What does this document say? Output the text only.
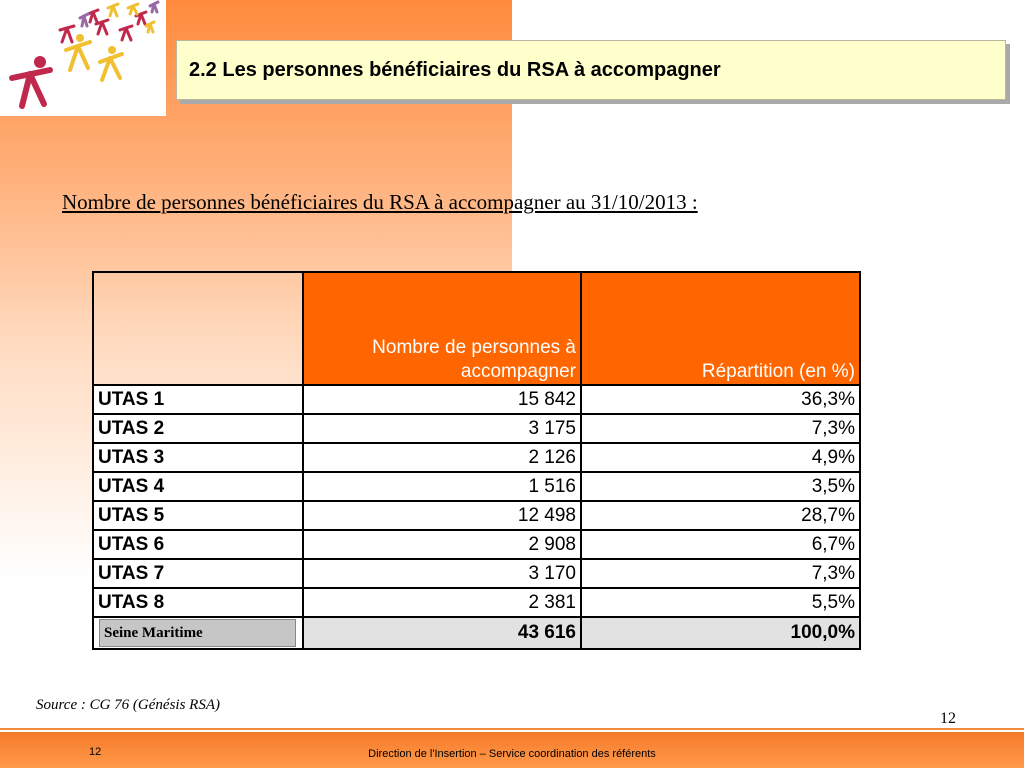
2.2 Les personnes bénéficiaires du RSA à accompagner
Nombre de personnes bénéficiaires du RSA à accompagner au 31/10/2013 :
	Nombre de personnes à accompagner	Répartition (en %)
UTAS 1	15 842	36,3%
UTAS 2	3 175	7,3%
UTAS 3	2 126	4,9%
UTAS 4	1 516	3,5%
UTAS 5	12 498	28,7%
UTAS 6	2 908	6,7%
UTAS 7	3 170	7,3%
UTAS 8	2 381	5,5%

Seine Maritime	43 616	100,0%
Source : CG 76 (Génésis RSA)
12
12	Direction de l'Insertion – Service coordination des référents
